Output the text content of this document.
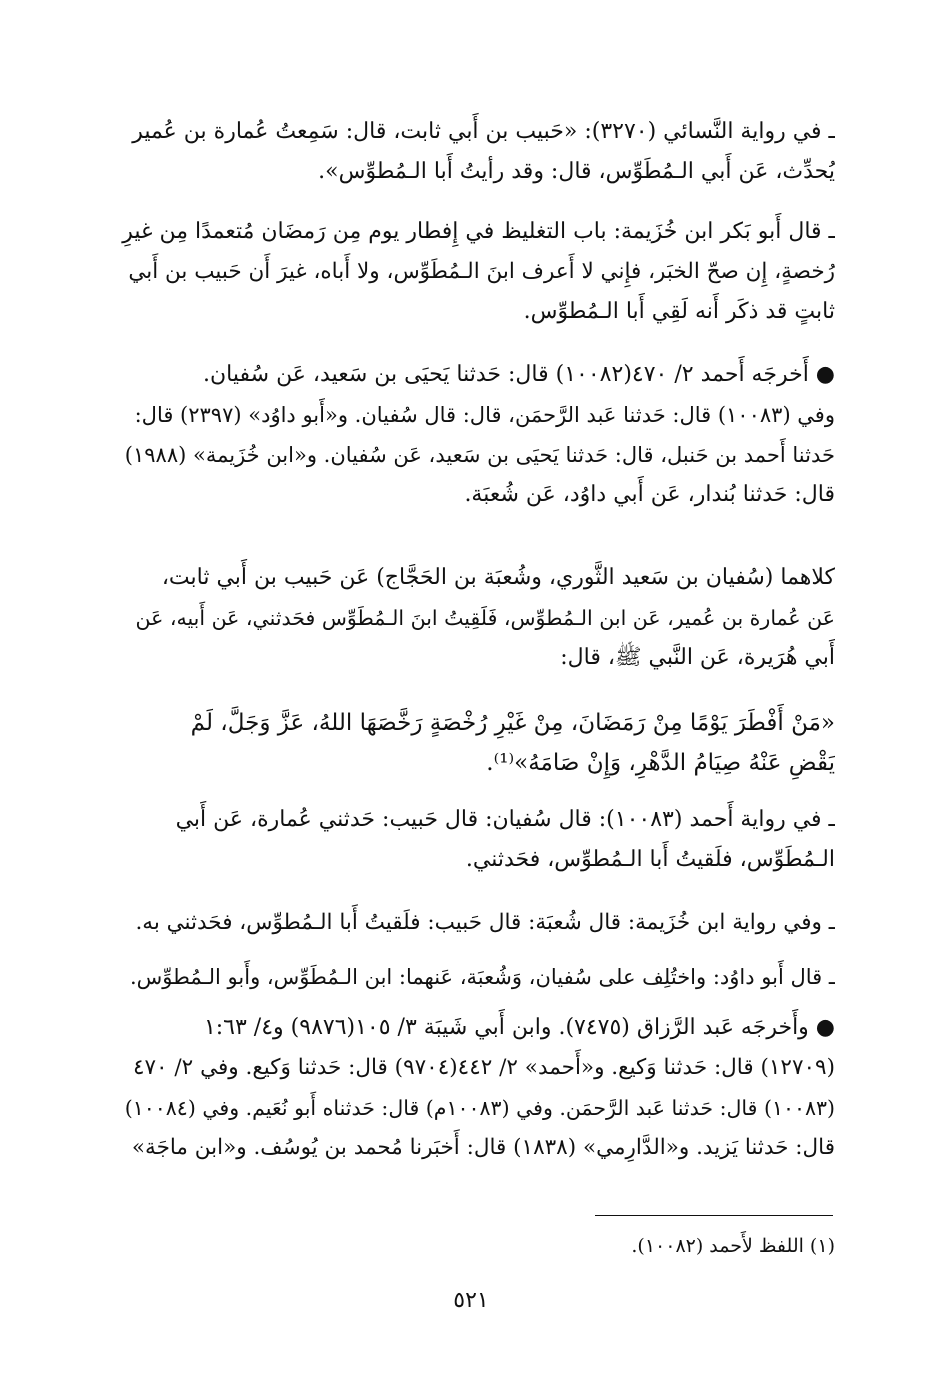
ـ في رواية النَّسائي (٣٢٧٠): «حَبيب بن أَبي ثابت، قال: سَمِعتُ عُمارة بن عُمير
يُحدِّث، عَن أَبي الـمُطَوِّس، قال: وقد رأيتُ أَبا الـمُطوِّس».
ـ قال أَبو بَكر ابن خُزَيمة: باب التغليظ في إِفطار يوم مِن رَمضَان مُتعمدًا مِن غيرِ
رُخصةٍ، إِن صحّ الخبَر، فإِني لا أَعرف ابنَ الـمُطَوِّس، ولا أَباه، غيرَ أَن حَبيب بن أَبي
ثابتٍ قد ذكَر أَنه لَقِي أَبا الـمُطوِّس.
● أَخرجَه أَحمد ٢/ ٤٧٠(١٠٠٨٢) قال: حَدثنا يَحيَى بن سَعيد، عَن سُفيان.
وفي (١٠٠٨٣) قال: حَدثنا عَبد الرَّحمَن، قال: قال سُفيان. و«أَبو داوُد» (٢٣٩٧) قال:
حَدثنا أَحمد بن حَنبل، قال: حَدثنا يَحيَى بن سَعيد، عَن سُفيان. و«ابن خُزَيمة» (١٩٨٨)
قال: حَدثنا بُندار، عَن أَبي داوُد، عَن شُعبَة.
كلاهما (سُفيان بن سَعيد الثَّوري، وشُعبَة بن الحَجَّاج) عَن حَبيب بن أَبي ثابت،
عَن عُمارة بن عُمير، عَن ابن الـمُطوِّس، فَلَقِيتُ ابنَ الـمُطَوِّس فحَدثني، عَن أَبيه، عَن
أَبي هُرَيرة، عَن النَّبي ﷺ، قال:
«مَنْ أَفْطَرَ يَوْمًا مِنْ رَمَضَانَ، مِنْ غَيْرِ رُخْصَةٍ رَخَّصَهَا اللهُ، عَزَّ وَجَلَّ، لَمْ
يَقْضِ عَنْهُ صِيَامُ الدَّهْرِ، وَإِنْ صَامَهُ»⁽¹⁾.
ـ في رواية أَحمد (١٠٠٨٣): قال سُفيان: قال حَبيب: حَدثني عُمارة، عَن أَبي
الـمُطَوِّس، فلَقيتُ أَبا الـمُطوِّس، فحَدثني.
ـ وفي رواية ابن خُزَيمة: قال شُعبَة: قال حَبيب: فلَقيتُ أَبا الـمُطوِّس، فحَدثني به.
ـ قال أَبو داوُد: واختُلِف على سُفيان، وَشُعبَة، عَنهما: ابن الـمُطَوِّس، وأَبو الـمُطوِّس.
● وأَخرجَه عَبد الرَّزاق (٧٤٧٥). وابن أَبي شَيبَة ٣/ ١٠٥(٩٨٧٦) و٤/ ١:٦٣
(١٢٧٠٩) قال: حَدثنا وَكيع. و«أَحمد» ٢/ ٤٤٢(٩٧٠٤) قال: حَدثنا وَكيع. وفي ٢/ ٤٧٠
(١٠٠٨٣) قال: حَدثنا عَبد الرَّحمَن. وفي (١٠٠٨٣م) قال: حَدثناه أَبو نُعَيم. وفي (١٠٠٨٤)
قال: حَدثنا يَزيد. و«الدَّارِمي» (١٨٣٨) قال: أَخبَرنا مُحمد بن يُوسُف. و«ابن ماجَة»
(١) اللفظ لأَحمد (١٠٠٨٢).
٥٢١
